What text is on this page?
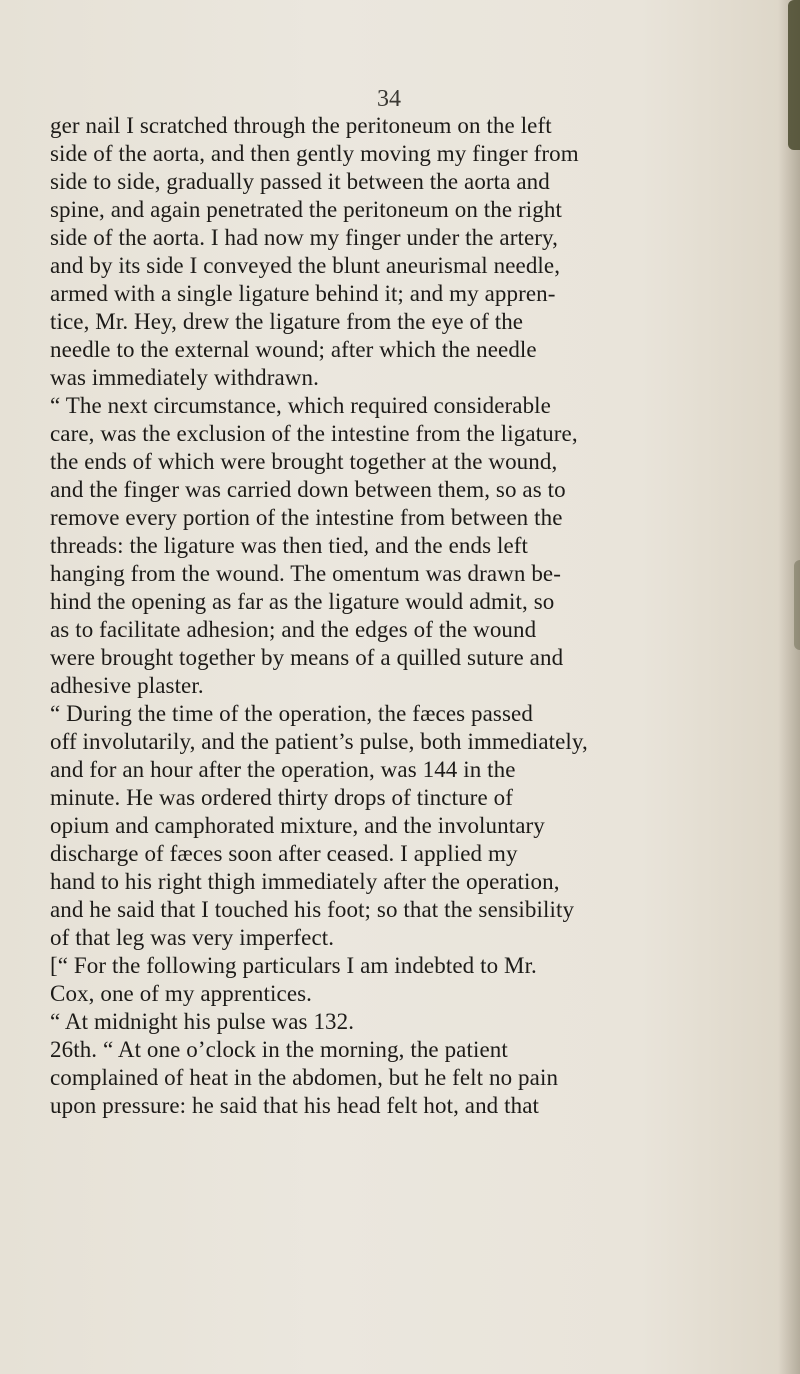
34
ger nail I scratched through the peritoneum on the left
side of the aorta, and then gently moving my finger from
side to side, gradually passed it between the aorta and
spine, and again penetrated the peritoneum on the right
side of the aorta. I had now my finger under the artery,
and by its side I conveyed the blunt aneurismal needle,
armed with a single ligature behind it; and my appren-
tice, Mr. Hey, drew the ligature from the eye of the
needle to the external wound; after which the needle
was immediately withdrawn.
“ The next circumstance, which required considerable
care, was the exclusion of the intestine from the ligature,
the ends of which were brought together at the wound,
and the finger was carried down between them, so as to
remove every portion of the intestine from between the
threads: the ligature was then tied, and the ends left
hanging from the wound. The omentum was drawn be-
hind the opening as far as the ligature would admit, so
as to facilitate adhesion; and the edges of the wound
were brought together by means of a quilled suture and
adhesive plaster.
“ During the time of the operation, the fæces passed
off involutarily, and the patient’s pulse, both immediately,
and for an hour after the operation, was 144 in the
minute. He was ordered thirty drops of tincture of
opium and camphorated mixture, and the involuntary
discharge of fæces soon after ceased. I applied my
hand to his right thigh immediately after the operation,
and he said that I touched his foot; so that the sensibility
of that leg was very imperfect.
[“ For the following particulars I am indebted to Mr.
Cox, one of my apprentices.
“ At midnight his pulse was 132.
26th. “ At one o’clock in the morning, the patient
complained of heat in the abdomen, but he felt no pain
upon pressure: he said that his head felt hot, and that
